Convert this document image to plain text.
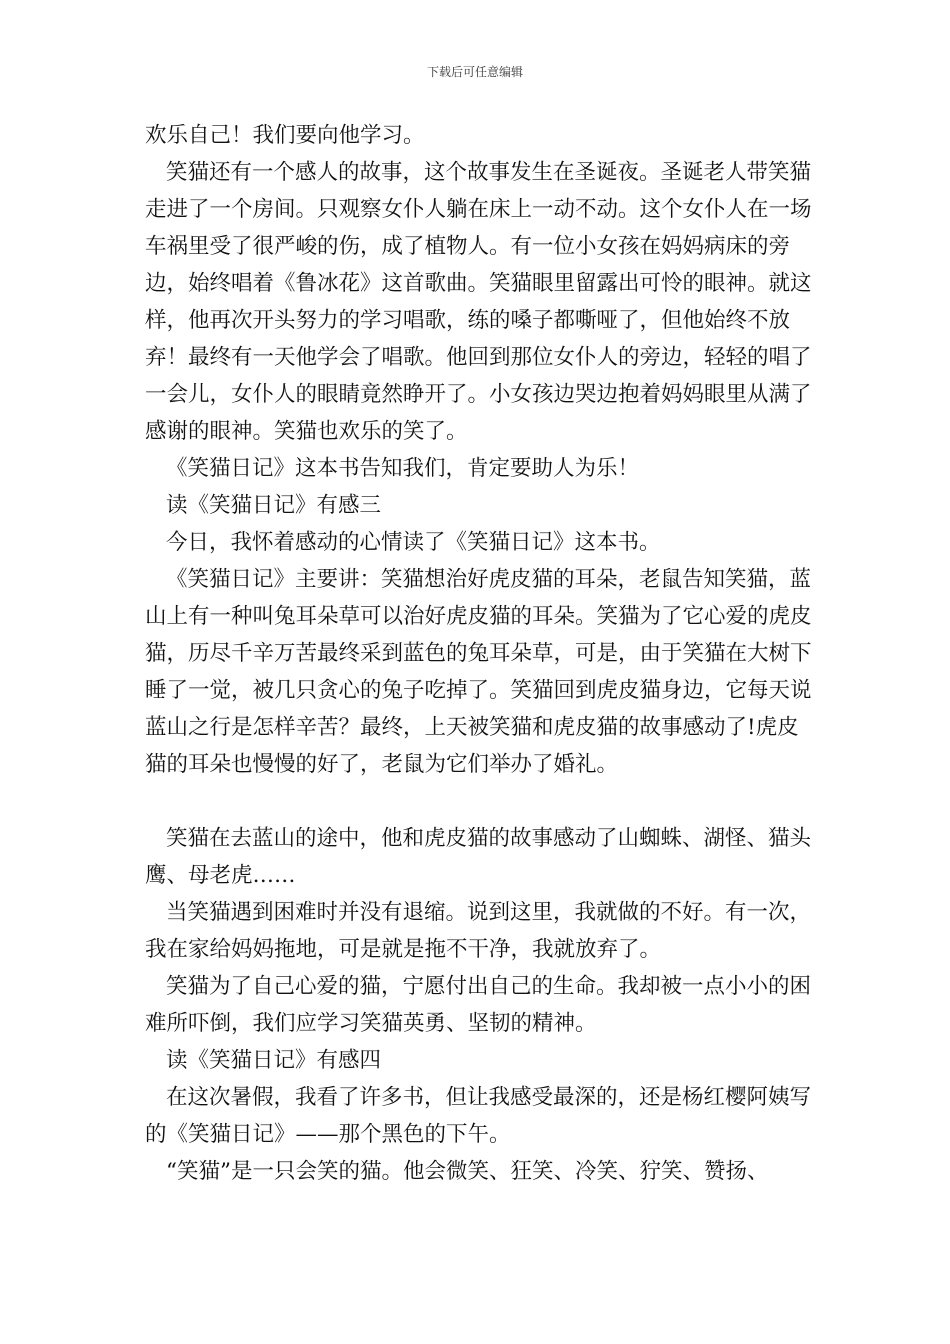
下载后可任意编辑

欢乐自己！我们要向他学习。

笑猫还有一个感人的故事，这个故事发生在圣诞夜。圣诞老人带笑猫走进了一个房间。只观察女仆人躺在床上一动不动。这个女仆人在一场车祸里受了很严峻的伤，成了植物人。有一位小女孩在妈妈病床的旁边，始终唱着《鲁冰花》这首歌曲。笑猫眼里留露出可怜的眼神。就这样，他再次开头努力的学习唱歌，练的嗓子都嘶哑了，但他始终不放弃！最终有一天他学会了唱歌。他回到那位女仆人的旁边，轻轻的唱了一会儿，女仆人的眼睛竟然睁开了。小女孩边哭边抱着妈妈眼里从满了感谢的眼神。笑猫也欢乐的笑了。

《笑猫日记》这本书告知我们，肯定要助人为乐！

读《笑猫日记》有感三

今日，我怀着感动的心情读了《笑猫日记》这本书。

《笑猫日记》主要讲：笑猫想治好虎皮猫的耳朵，老鼠告知笑猫，蓝山上有一种叫兔耳朵草可以治好虎皮猫的耳朵。笑猫为了它心爱的虎皮猫，历尽千辛万苦最终采到蓝色的兔耳朵草，可是，由于笑猫在大树下睡了一觉，被几只贪心的兔子吃掉了。笑猫回到虎皮猫身边，它每天说蓝山之行是怎样辛苦？最终，上天被笑猫和虎皮猫的故事感动了!虎皮猫的耳朵也慢慢的好了，老鼠为它们举办了婚礼。

笑猫在去蓝山的途中，他和虎皮猫的故事感动了山蜘蛛、湖怪、猫头鹰、母老虎……

当笑猫遇到困难时并没有退缩。说到这里，我就做的不好。有一次，我在家给妈妈拖地，可是就是拖不干净，我就放弃了。

笑猫为了自己心爱的猫，宁愿付出自己的生命。我却被一点小小的困难所吓倒，我们应学习笑猫英勇、坚韧的精神。

读《笑猫日记》有感四

在这次暑假，我看了许多书，但让我感受最深的，还是杨红樱阿姨写的《笑猫日记》——那个黑色的下午。

“笑猫”是一只会笑的猫。他会微笑、狂笑、冷笑、狞笑、赞扬、
